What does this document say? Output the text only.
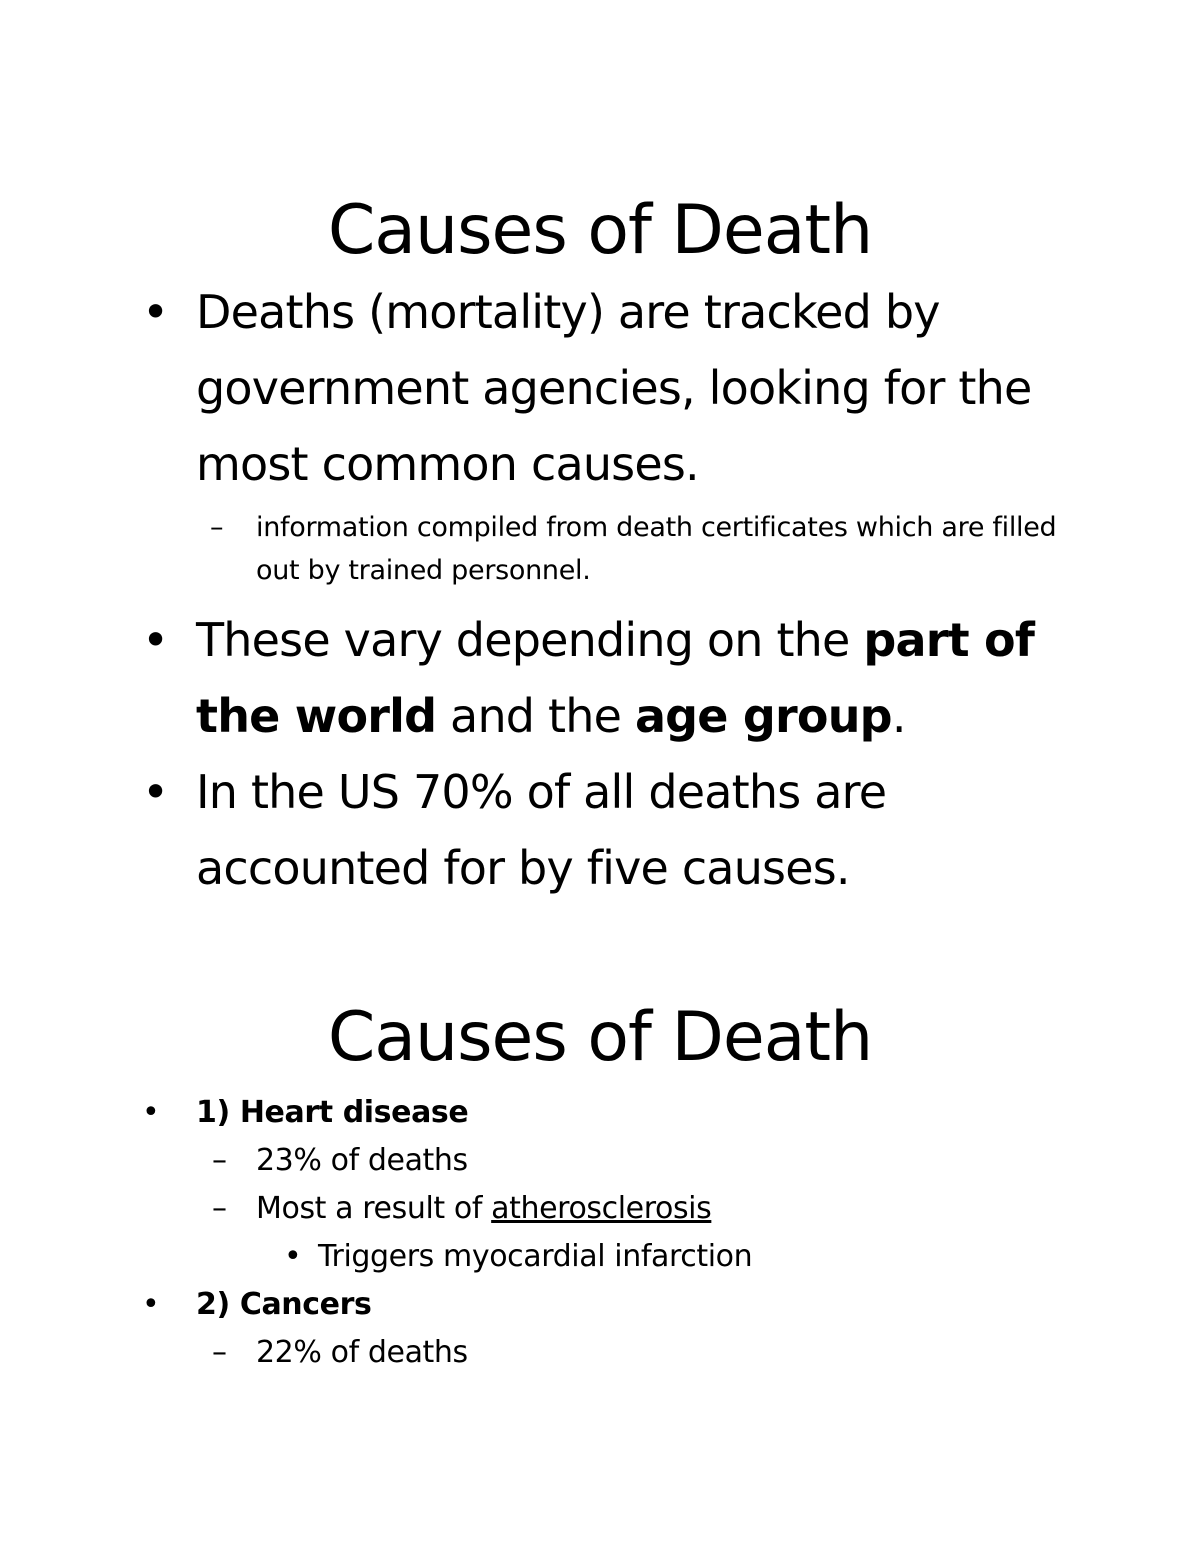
Causes of Death
• Deaths (mortality) are tracked by government agencies, looking for the most common causes.
– information compiled from death certificates which are filled out by trained personnel.
• These vary depending on the part of the world and the age group.
• In the US 70% of all deaths are accounted for by five causes.
Causes of Death
• 1) Heart disease
– 23% of deaths
– Most a result of atherosclerosis
• Triggers myocardial infarction
• 2) Cancers
– 22% of deaths
